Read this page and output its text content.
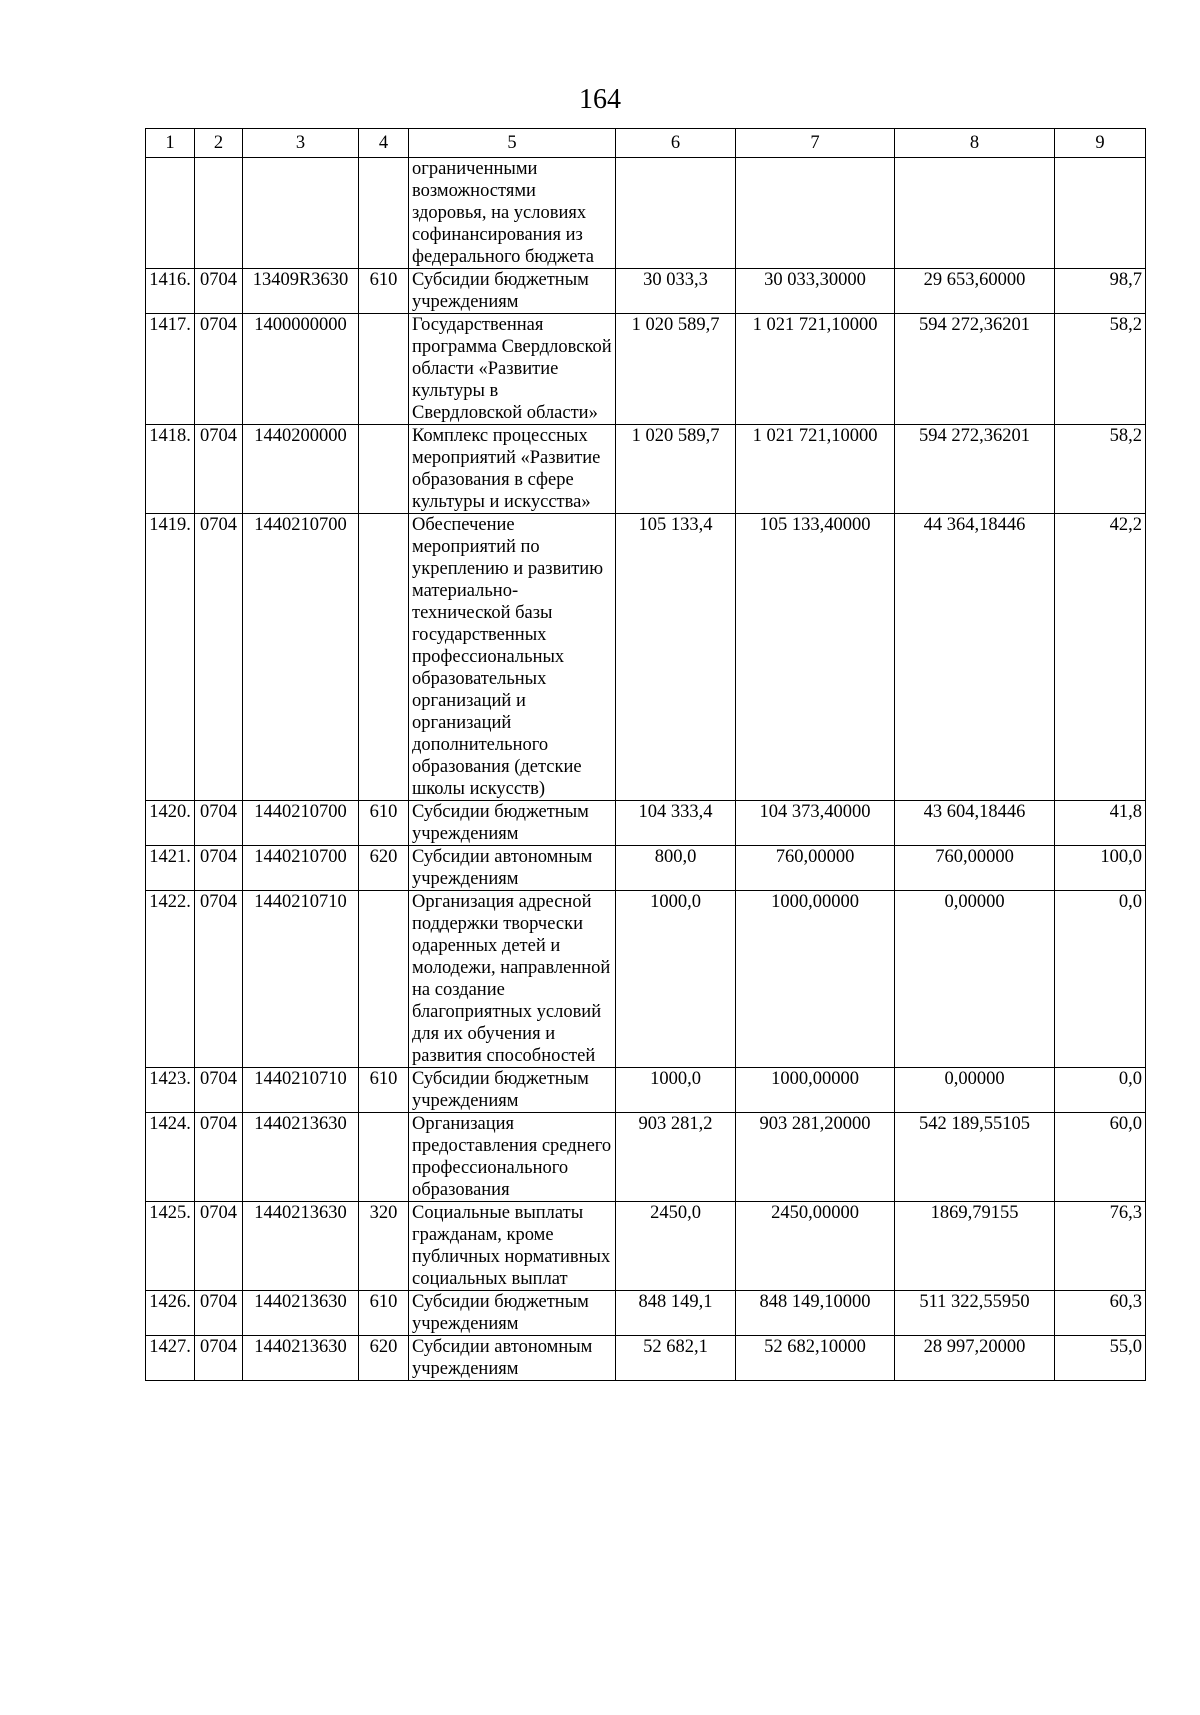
164
1	2	3	4	5	6	7	8	9
				ограниченными возможностями здоровья, на условиях софинансирования из федерального бюджета				
1416.	0704	13409R3630	610	Субсидии бюджетным учреждениям	30 033,3	30 033,30000	29 653,60000	98,7
1417.	0704	1400000000		Государственная программа Свердловской области «Развитие культуры в Свердловской области»	1 020 589,7	1 021 721,10000	594 272,36201	58,2
1418.	0704	1440200000		Комплекс процессных мероприятий «Развитие образования в сфере культуры и искусства»	1 020 589,7	1 021 721,10000	594 272,36201	58,2
1419.	0704	1440210700		Обеспечение мероприятий по укреплению и развитию материально-технической базы государственных профессиональных образовательных организаций и организаций дополнительного образования (детские школы искусств)	105 133,4	105 133,40000	44 364,18446	42,2
1420.	0704	1440210700	610	Субсидии бюджетным учреждениям	104 333,4	104 373,40000	43 604,18446	41,8
1421.	0704	1440210700	620	Субсидии автономным учреждениям	800,0	760,00000	760,00000	100,0
1422.	0704	1440210710		Организация адресной поддержки творчески одаренных детей и молодежи, направленной на создание благоприятных условий для их обучения и развития способностей	1000,0	1000,00000	0,00000	0,0
1423.	0704	1440210710	610	Субсидии бюджетным учреждениям	1000,0	1000,00000	0,00000	0,0
1424.	0704	1440213630		Организация предоставления среднего профессионального образования	903 281,2	903 281,20000	542 189,55105	60,0
1425.	0704	1440213630	320	Социальные выплаты гражданам, кроме публичных нормативных социальных выплат	2450,0	2450,00000	1869,79155	76,3
1426.	0704	1440213630	610	Субсидии бюджетным учреждениям	848 149,1	848 149,10000	511 322,55950	60,3
1427.	0704	1440213630	620	Субсидии автономным учреждениям	52 682,1	52 682,10000	28 997,20000	55,0
